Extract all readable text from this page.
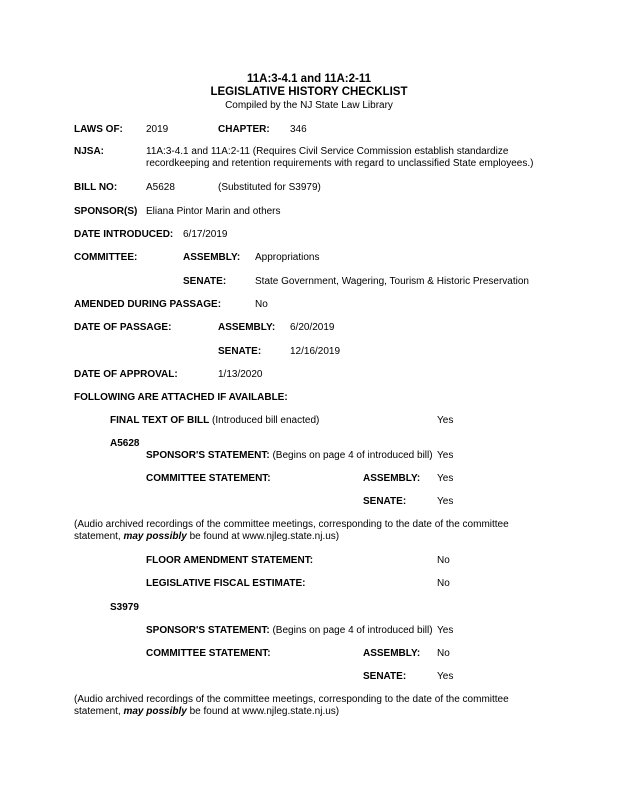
11A:3-4.1 and 11A:2-11
LEGISLATIVE HISTORY CHECKLIST
Compiled by the NJ State Law Library
LAWS OF: 2019	CHAPTER: 346
NJSA:	11A:3-4.1 and 11A:2-11 (Requires Civil Service Commission establish standardize
recordkeeping and retention requirements with regard to unclassified State employees.)
BILL NO:	A5628	(Substituted for S3979)
SPONSOR(S) Eliana Pintor Marin and others
DATE INTRODUCED: 6/17/2019
COMMITTEE:	ASSEMBLY: Appropriations
SENATE:	State Government, Wagering, Tourism & Historic Preservation
AMENDED DURING PASSAGE:	No
DATE OF PASSAGE:	ASSEMBLY: 6/20/2019
SENATE:	12/16/2019
DATE OF APPROVAL:	1/13/2020
FOLLOWING ARE ATTACHED IF AVAILABLE:
FINAL TEXT OF BILL (Introduced bill enacted)	Yes
A5628
SPONSOR'S STATEMENT: (Begins on page 4 of introduced bill) Yes
COMMITTEE STATEMENT:	ASSEMBLY: Yes
SENATE:	Yes
(Audio archived recordings of the committee meetings, corresponding to the date of the committee statement, may possibly be found at www.njleg.state.nj.us)
FLOOR AMENDMENT STATEMENT:	No
LEGISLATIVE FISCAL ESTIMATE:	No
S3979
SPONSOR'S STATEMENT: (Begins on page 4 of introduced bill) Yes
COMMITTEE STATEMENT:	ASSEMBLY: No
SENATE:	Yes
(Audio archived recordings of the committee meetings, corresponding to the date of the committee statement, may possibly be found at www.njleg.state.nj.us)
